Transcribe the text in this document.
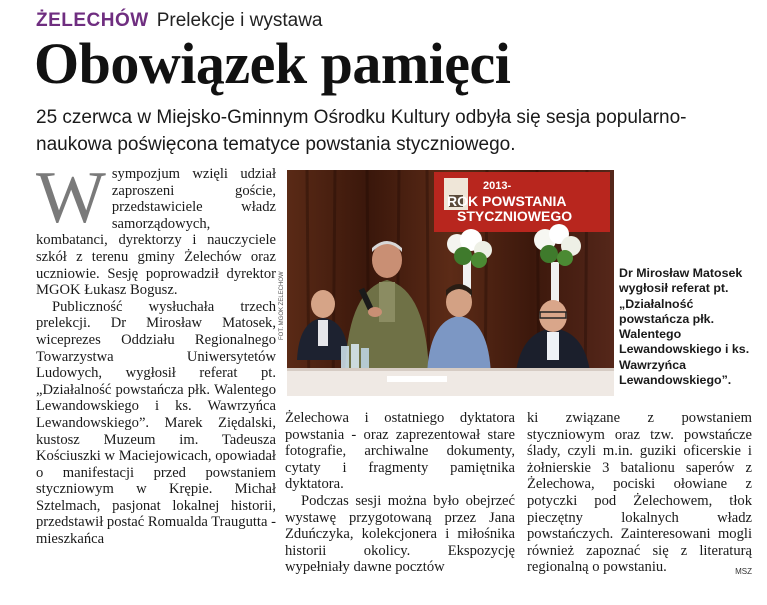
ŻELECHÓW Prelekcje i wystawa
Obowiązek pamięci
25 czerwca w Miejsko-Gminnym Ośrodku Kultury odbyła się sesja popularno-naukowa poświęcona tematyce powstania styczniowego.
W sympozjum wzięli udział zaproszeni goście, przedstawiciele władz samorządowych, kombatanci, dyrektorzy i nauczyciele szkół z terenu gminy Żelechów oraz uczniowie. Sesję poprowadził dyrektor MGOK Łukasz Bogusz.

Publiczność wysłuchała trzech prelekcji. Dr Mirosław Matosek, wiceprezes Oddziału Regionalnego Towarzystwa Uniwersytetów Ludowych, wygłosił referat pt. „Działalność powstańcza płk. Walentego Lewandowskiego i ks. Wawrzyńca Lewandowskiego”. Marek Ziędalski, kustosz Muzeum im. Tadeusza Kościuszki w Maciejowicach, opowiadał o manifestacji przed powstaniem styczniowym w Krępie. Michał Sztelmach, pasjonat lokalnej historii, przedstawił postać Romualda Traugutta - mieszkańca

Żelechowa i ostatniego dyktatora powstania - oraz zaprezentował stare fotografie, archiwalne dokumenty, cytaty i fragmenty pamiętnika dyktatora.

Podczas sesji można było obejrzeć wystawę przygotowaną przez Jana Zduńczyka, kolekcjonera i miłośnika historii okolicy. Ekspozycję wypełniały dawne pocztów

ki związane z powstaniem styczniowym oraz tzw. powstańcze ślady, czyli m.in. guziki oficerskie i żołnierskie 3 batalionu saperów z Żelechowa, pociski ołowiane z potyczki pod Żelechowem, tłok pieczętny lokalnych władz powstańczych. Zainteresowani mogli również zapoznać się z literaturą regionalną o powstaniu.	MSZ

FOT. MGOK ŻELECHÓW
2013-
ROK POWSTANIA
STYCZNIOWEGO
Dr Mirosław Matosek wygłosił referat pt. „Działalność powstańcza płk. Walentego Lewandowskiego i ks. Wawrzyńca Lewandowskiego”.
